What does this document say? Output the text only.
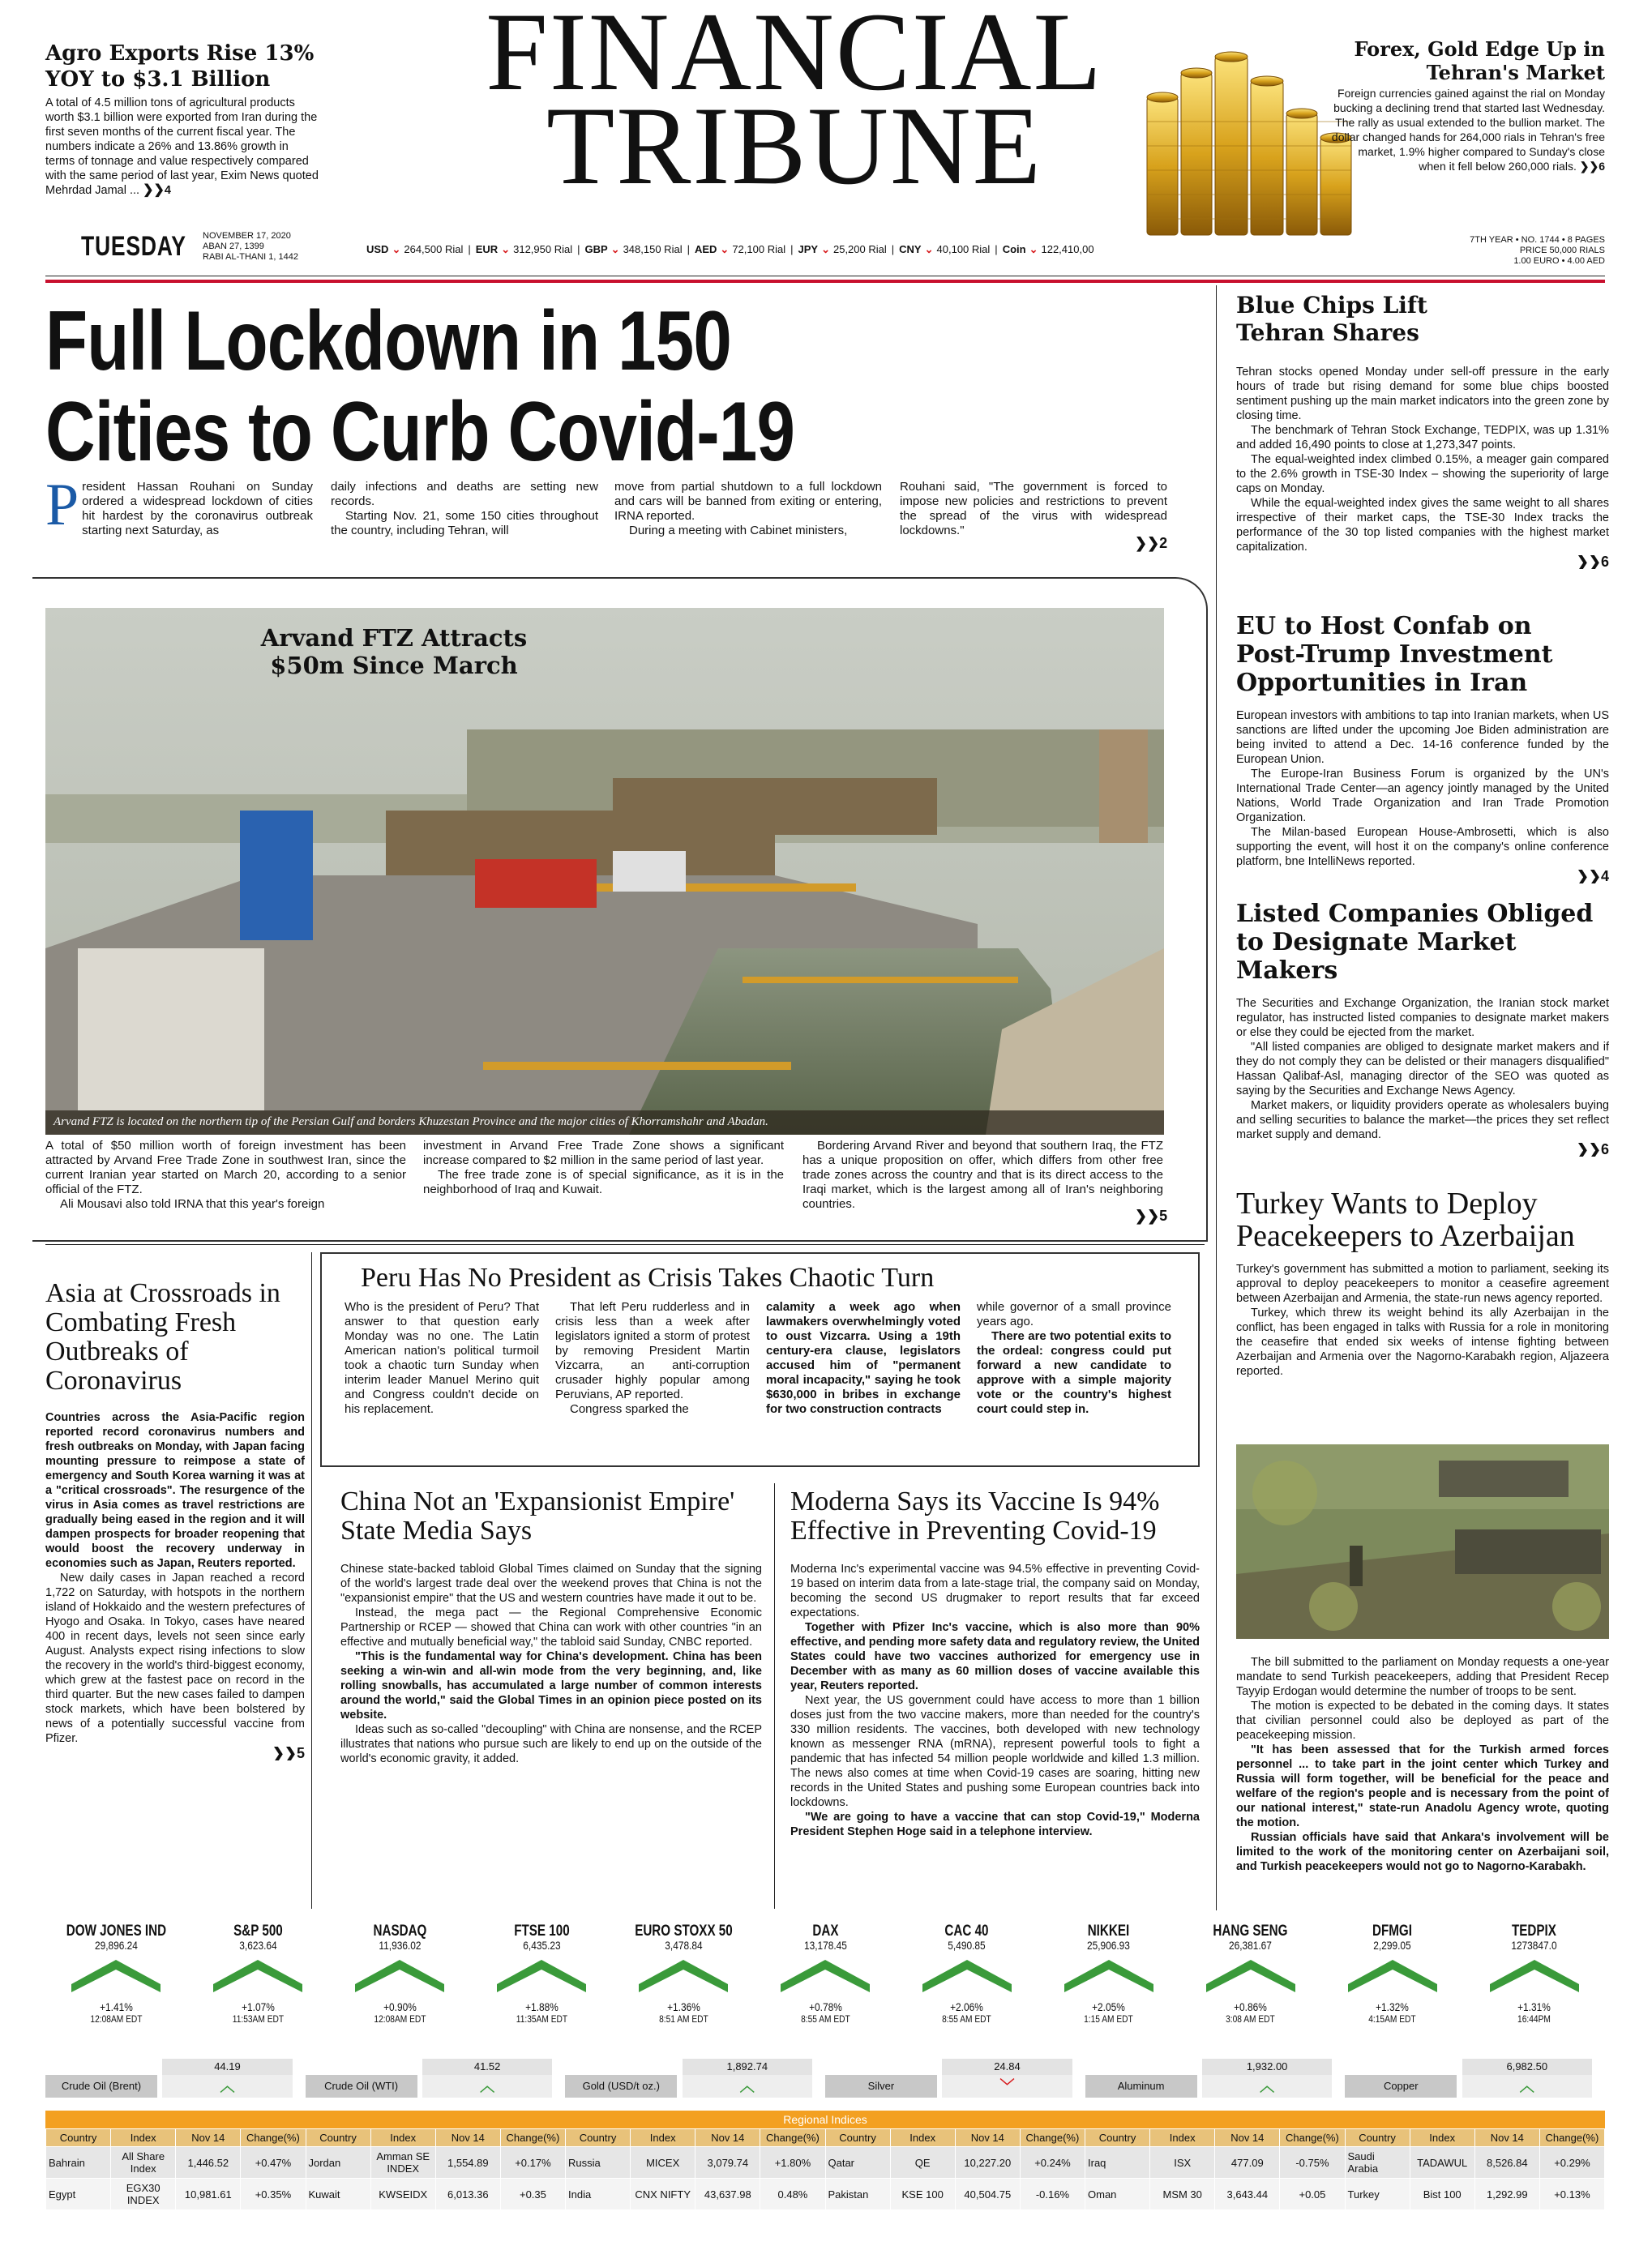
Agro Exports Rise 13% YOY to $3.1 Billion
A total of 4.5 million tons of agricultural products worth $3.1 billion were exported from Iran during the first seven months of the current fiscal year. The numbers indicate a 26% and 13.86% growth in terms of tonnage and value respectively compared with the same period of last year, Exim News quoted Mehrdad Jamal ... ❯❯4
FINANCIAL
TRIBUNE
Forex, Gold Edge Up in Tehran's Market
Foreign currencies gained against the rial on Monday bucking a declining trend that started last Wednesday. The rally as usual extended to the bullion market. The dollar changed hands for 264,000 rials in Tehran's free market, 1.9% higher compared to Sunday's close when it fell below 260,000 rials. ❯❯6
TUESDAY NOVEMBER 17, 2020
ABAN 27, 1399
RABI AL-THANI 1, 1442
USD ⌄ 264,500 Rial | EUR ⌄ 312,950 Rial | GBP ⌄ 348,150 Rial | AED ⌄ 72,100 Rial | JPY ⌄ 25,200 Rial | CNY ⌄ 40,100 Rial | Coin ⌄ 122,410,00
7TH YEAR • NO. 1744 • 8 PAGES
PRICE 50,000 RIALS
1.00 EURO • 4.00 AED
Full Lockdown in 150
Cities to Curb Covid-19
President Hassan Rouhani on Sunday ordered a widespread lockdown of cities hit hardest by the coronavirus outbreak starting next Saturday, as

daily infections and deaths are setting new records.

Starting Nov. 21, some 150 cities throughout the country, including Tehran, will

move from partial shutdown to a full lockdown and cars will be banned from exiting or entering, IRNA reported.

During a meeting with Cabinet ministers,

Rouhani said, "The government is forced to impose new policies and restrictions to prevent the spread of the virus with widespread lockdowns."

❯❯2
Arvand FTZ Attracts
$50m Since March
Arvand FTZ is located on the northern tip of the Persian Gulf and borders Khuzestan Province and the major cities of Khorramshahr and Abadan.

A total of $50 million worth of foreign investment has been attracted by Arvand Free Trade Zone in southwest Iran, since the current Iranian year started on March 20, according to a senior official of the FTZ.

Ali Mousavi also told IRNA that this year's foreign

investment in Arvand Free Trade Zone shows a significant increase compared to $2 million in the same period of last year.

The free trade zone is of special significance, as it is in the neighborhood of Iraq and Kuwait.

Bordering Arvand River and beyond that southern Iraq, the FTZ has a unique proposition on offer, which differs from other free trade zones across the country and that is its direct access to the Iraqi market, which is the largest among all of Iran's neighboring countries.

❯❯5
Blue Chips Lift Tehran Shares

Tehran stocks opened Monday under sell-off pressure in the early hours of trade but rising demand for some blue chips boosted sentiment pushing up the main market indicators into the green zone by closing time.

The benchmark of Tehran Stock Exchange, TEDPIX, was up 1.31% and added 16,490 points to close at 1,273,347 points.

The equal-weighted index climbed 0.15%, a meager gain compared to the 2.6% growth in TSE-30 Index – showing the superiority of large caps on Monday.

While the equal-weighted index gives the same weight to all shares irrespective of their market caps, the TSE-30 Index tracks the performance of the 30 top listed companies with the highest market capitalization.

❯❯6
EU to Host Confab on Post-Trump Investment Opportunities in Iran

European investors with ambitions to tap into Iranian markets, when US sanctions are lifted under the upcoming Joe Biden administration are being invited to attend a Dec. 14-16 conference funded by the European Union.

The Europe-Iran Business Forum is organized by the UN's International Trade Center—an agency jointly managed by the United Nations, World Trade Organization and Iran Trade Promotion Organization.

The Milan-based European House-Ambrosetti, which is also supporting the event, will host it on the company's online conference platform, bne IntelliNews reported.

❯❯4
Listed Companies Obliged to Designate Market Makers

The Securities and Exchange Organization, the Iranian stock market regulator, has instructed listed companies to designate market makers or else they could be ejected from the market.

"All listed companies are obliged to designate market makers and if they do not comply they can be delisted or their managers disqualified" Hassan Qalibaf-Asl, managing director of the SEO was quoted as saying by the Securities and Exchange News Agency.

Market makers, or liquidity providers operate as wholesalers buying and selling securities to balance the market—the prices they set reflect market supply and demand.

❯❯6
Turkey Wants to Deploy
Peacekeepers to Azerbaijan

Turkey's government has submitted a motion to parliament, seeking its approval to deploy peacekeepers to monitor a ceasefire agreement between Azerbaijan and Armenia, the state-run news agency reported.

Turkey, which threw its weight behind its ally Azerbaijan in the conflict, has been engaged in talks with Russia for a role in monitoring the ceasefire that ended six weeks of intense fighting between Azerbaijan and Armenia over the Nagorno-Karabakh region, Aljazeera reported.

The bill submitted to the parliament on Monday requests a one-year mandate to send Turkish peacekeepers, adding that President Recep Tayyip Erdogan would determine the number of troops to be sent.

The motion is expected to be debated in the coming days. It states that civilian personnel could also be deployed as part of the peacekeeping mission.

"It has been assessed that for the Turkish armed forces personnel ... to take part in the joint center which Turkey and Russia will form together, will be beneficial for the peace and welfare of the region's people and is necessary from the point of our national interest," state-run Anadolu Agency wrote, quoting the motion.

Russian officials have said that Ankara's involvement will be limited to the work of the monitoring center on Azerbaijani soil, and Turkish peacekeepers would not go to Nagorno-Karabakh.

Asia at Crossroads in Combating Fresh Outbreaks of Coronavirus

Countries across the Asia-Pacific region reported record coronavirus numbers and fresh outbreaks on Monday, with Japan facing mounting pressure to reimpose a state of emergency and South Korea warning it was at a "critical crossroads". The resurgence of the virus in Asia comes as travel restrictions are gradually being eased in the region and it will dampen prospects for broader reopening that would boost the recovery underway in economies such as Japan, Reuters reported.

New daily cases in Japan reached a record 1,722 on Saturday, with hotspots in the northern island of Hokkaido and the western prefectures of Hyogo and Osaka. In Tokyo, cases have neared 400 in recent days, levels not seen since early August. Analysts expect rising infections to slow the recovery in the world's third-biggest economy, which grew at the fastest pace on record in the third quarter. But the new cases failed to dampen stock markets, which have been bolstered by news of a potentially successful vaccine from Pfizer.

❯❯5
Peru Has No President as Crisis Takes Chaotic Turn

Who is the president of Peru? That answer to that question early Monday was no one. The Latin American nation's political turmoil took a chaotic turn Sunday when interim leader Manuel Merino quit and Congress couldn't decide on his replacement.

That left Peru rudderless and in crisis less than a week after legislators ignited a storm of protest by removing President Martin Vizcarra, an anti-corruption crusader highly popular among Peruvians, AP reported.

Congress sparked the

calamity a week ago when lawmakers overwhelmingly voted to oust Vizcarra. Using a 19th century-era clause, legislators accused him of "permanent moral incapacity," saying he took $630,000 in bribes in exchange for two construction contracts

while governor of a small province years ago.

There are two potential exits to the ordeal: congress could put forward a new candidate to approve with a simple majority vote or the country's highest court could step in.

China Not an 'Expansionist Empire' State Media Says

Chinese state-backed tabloid Global Times claimed on Sunday that the signing of the world's largest trade deal over the weekend proves that China is not the "expansionist empire" that the US and western countries have made it out to be.

Instead, the mega pact — the Regional Comprehensive Economic Partnership or RCEP — showed that China can work with other countries "in an effective and mutually beneficial way," the tabloid said Sunday, CNBC reported.

"This is the fundamental way for China's development. China has been seeking a win-win and all-win mode from the very beginning, and, like rolling snowballs, has accumulated a large number of common interests around the world," said the Global Times in an opinion piece posted on its website.

Ideas such as so-called "decoupling" with China are nonsense, and the RCEP illustrates that nations who pursue such are likely to end up on the outside of the world's economic gravity, it added.

Moderna Says its Vaccine Is 94% Effective in Preventing Covid-19

Moderna Inc's experimental vaccine was 94.5% effective in preventing Covid-19 based on interim data from a late-stage trial, the company said on Monday, becoming the second US drugmaker to report results that far exceed expectations.

Together with Pfizer Inc's vaccine, which is also more than 90% effective, and pending more safety data and regulatory review, the United States could have two vaccines authorized for emergency use in December with as many as 60 million doses of vaccine available this year, Reuters reported.

Next year, the US government could have access to more than 1 billion doses just from the two vaccine makers, more than needed for the country's 330 million residents. The vaccines, both developed with new technology known as messenger RNA (mRNA), represent powerful tools to fight a pandemic that has infected 54 million people worldwide and killed 1.3 million. The news also comes at time when Covid-19 cases are soaring, hitting new records in the United States and pushing some European countries back into lockdowns.

"We are going to have a vaccine that can stop Covid-19," Moderna President Stephen Hoge said in a telephone interview.

DOW JONES IND
29,896.24
+1.41%
12:08AM EDT
S&P 500
3,623.64
+1.07%
11:53AM EDT
NASDAQ
11,936.02
+0.90%
12:08AM EDT
FTSE 100
6,435.23
+1.88%
11:35AM EDT
EURO STOXX 50
3,478.84
+1.36%
8:51 AM EDT
DAX
13,178.45
+0.78%
8:55 AM EDT
CAC 40
5,490.85
+2.06%
8:55 AM EDT
NIKKEI
25,906.93
+2.05%
1:15 AM EDT
HANG SENG
26,381.67
+0.86%
3:08 AM EDT
DFMGI
2,299.05
+1.32%
4:15AM EDT
TEDPIX
1273847.0
+1.31%
16:44PM
44.19
Crude Oil (Brent)	︿
41.52
Crude Oil (WTI)	︿
1,892.74
Gold (USD/t oz.)	︿
24.84
Silver	﹀
1,932.00
Aluminum	︿
6,982.50
Copper	︿
Regional Indices
Country	Index	Nov 14	Change(%)	Country	Index	Nov 14	Change(%)	Country	Index	Nov 14	Change(%)	Country	Index	Nov 14	Change(%)	Country	Index	Nov 14	Change(%)	Country	Index	Nov 14	Change(%)
Bahrain	All Share Index	1,446.52	+0.47%	Jordan	Amman SE INDEX	1,554.89	+0.17%	Russia	MICEX	3,079.74	+1.80%	Qatar	QE	10,227.20	+0.24%	Iraq	ISX	477.09	-0.75%	Saudi Arabia	TADAWUL	8,526.84	+0.29%
Egypt	EGX30 INDEX	10,981.61	+0.35%	Kuwait	KWSEIDX	6,013.36	+0.35	India	CNX NIFTY	43,637.98	0.48%	Pakistan	KSE 100	40,504.75	-0.16%	Oman	MSM 30	3,643.44	+0.05	Turkey	Bist 100	1,292.99	+0.13%
